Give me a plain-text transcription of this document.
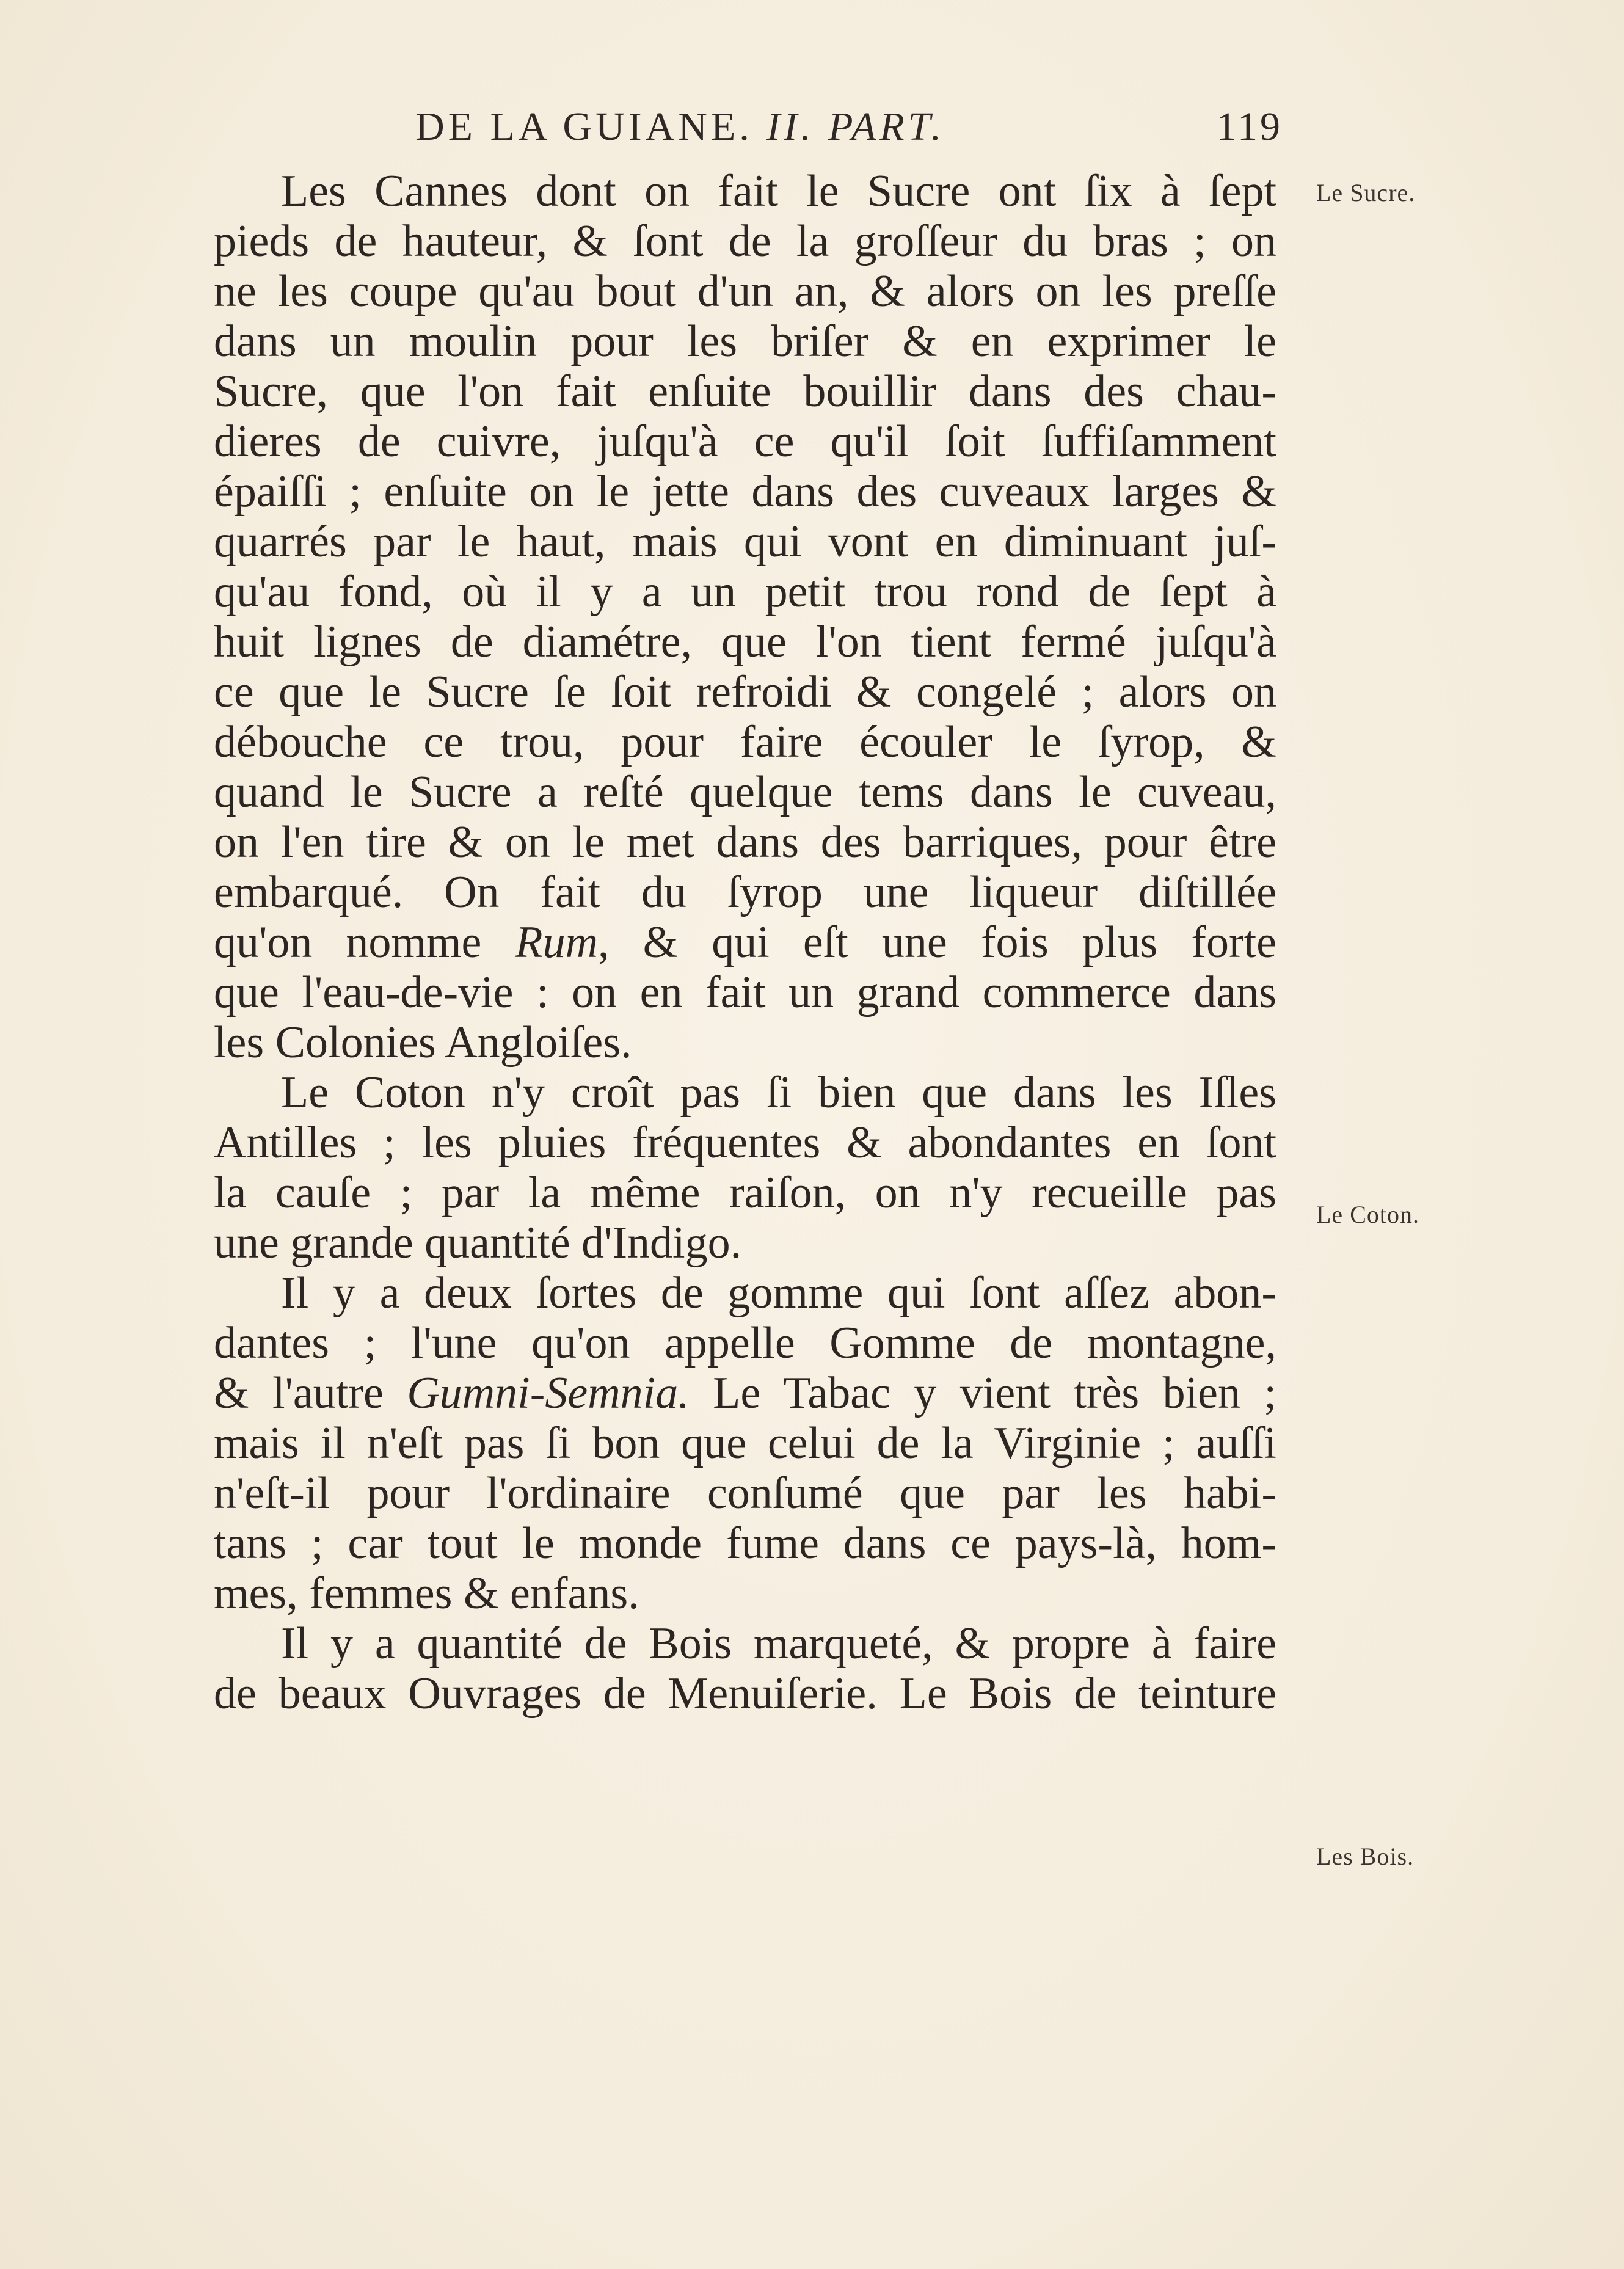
DE LA GUIANE. II. PART.	119
Le Sucre.
Le Coton.
Les Bois.
Les Cannes dont on fait le Sucre ont ſix à ſept
pieds de hauteur, & ſont de la groſſeur du bras ; on
ne les coupe qu'au bout d'un an, & alors on les preſſe
dans un moulin pour les briſer & en exprimer le
Sucre, que l'on fait enſuite bouillir dans des chau-
dieres de cuivre, juſqu'à ce qu'il ſoit ſuffiſamment
épaiſſi ; enſuite on le jette dans des cuveaux larges &
quarrés par le haut, mais qui vont en diminuant juſ-
qu'au fond, où il y a un petit trou rond de ſept à
huit lignes de diamétre, que l'on tient fermé juſqu'à
ce que le Sucre ſe ſoit refroidi & congelé ; alors on
débouche ce trou, pour faire écouler le ſyrop, &
quand le Sucre a reſté quelque tems dans le cuveau,
on l'en tire & on le met dans des barriques, pour être
embarqué. On fait du ſyrop une liqueur diſtillée
qu'on nomme Rum, & qui eſt une fois plus forte
que l'eau-de-vie : on en fait un grand commerce dans
les Colonies Angloiſes.
Le Coton n'y croît pas ſi bien que dans les Iſles
Antilles ; les pluies fréquentes & abondantes en ſont
la cauſe ; par la même raiſon, on n'y recueille pas
une grande quantité d'Indigo.
Il y a deux ſortes de gomme qui ſont aſſez abon-
dantes ; l'une qu'on appelle Gomme de montagne,
& l'autre Gumni-Semnia. Le Tabac y vient très bien ;
mais il n'eſt pas ſi bon que celui de la Virginie ; auſſi
n'eſt-il pour l'ordinaire conſumé que par les habi-
tans ; car tout le monde fume dans ce pays-là, hom-
mes, femmes & enfans.
Il y a quantité de Bois marqueté, & propre à faire
de beaux Ouvrages de Menuiſerie. Le Bois de teinture
